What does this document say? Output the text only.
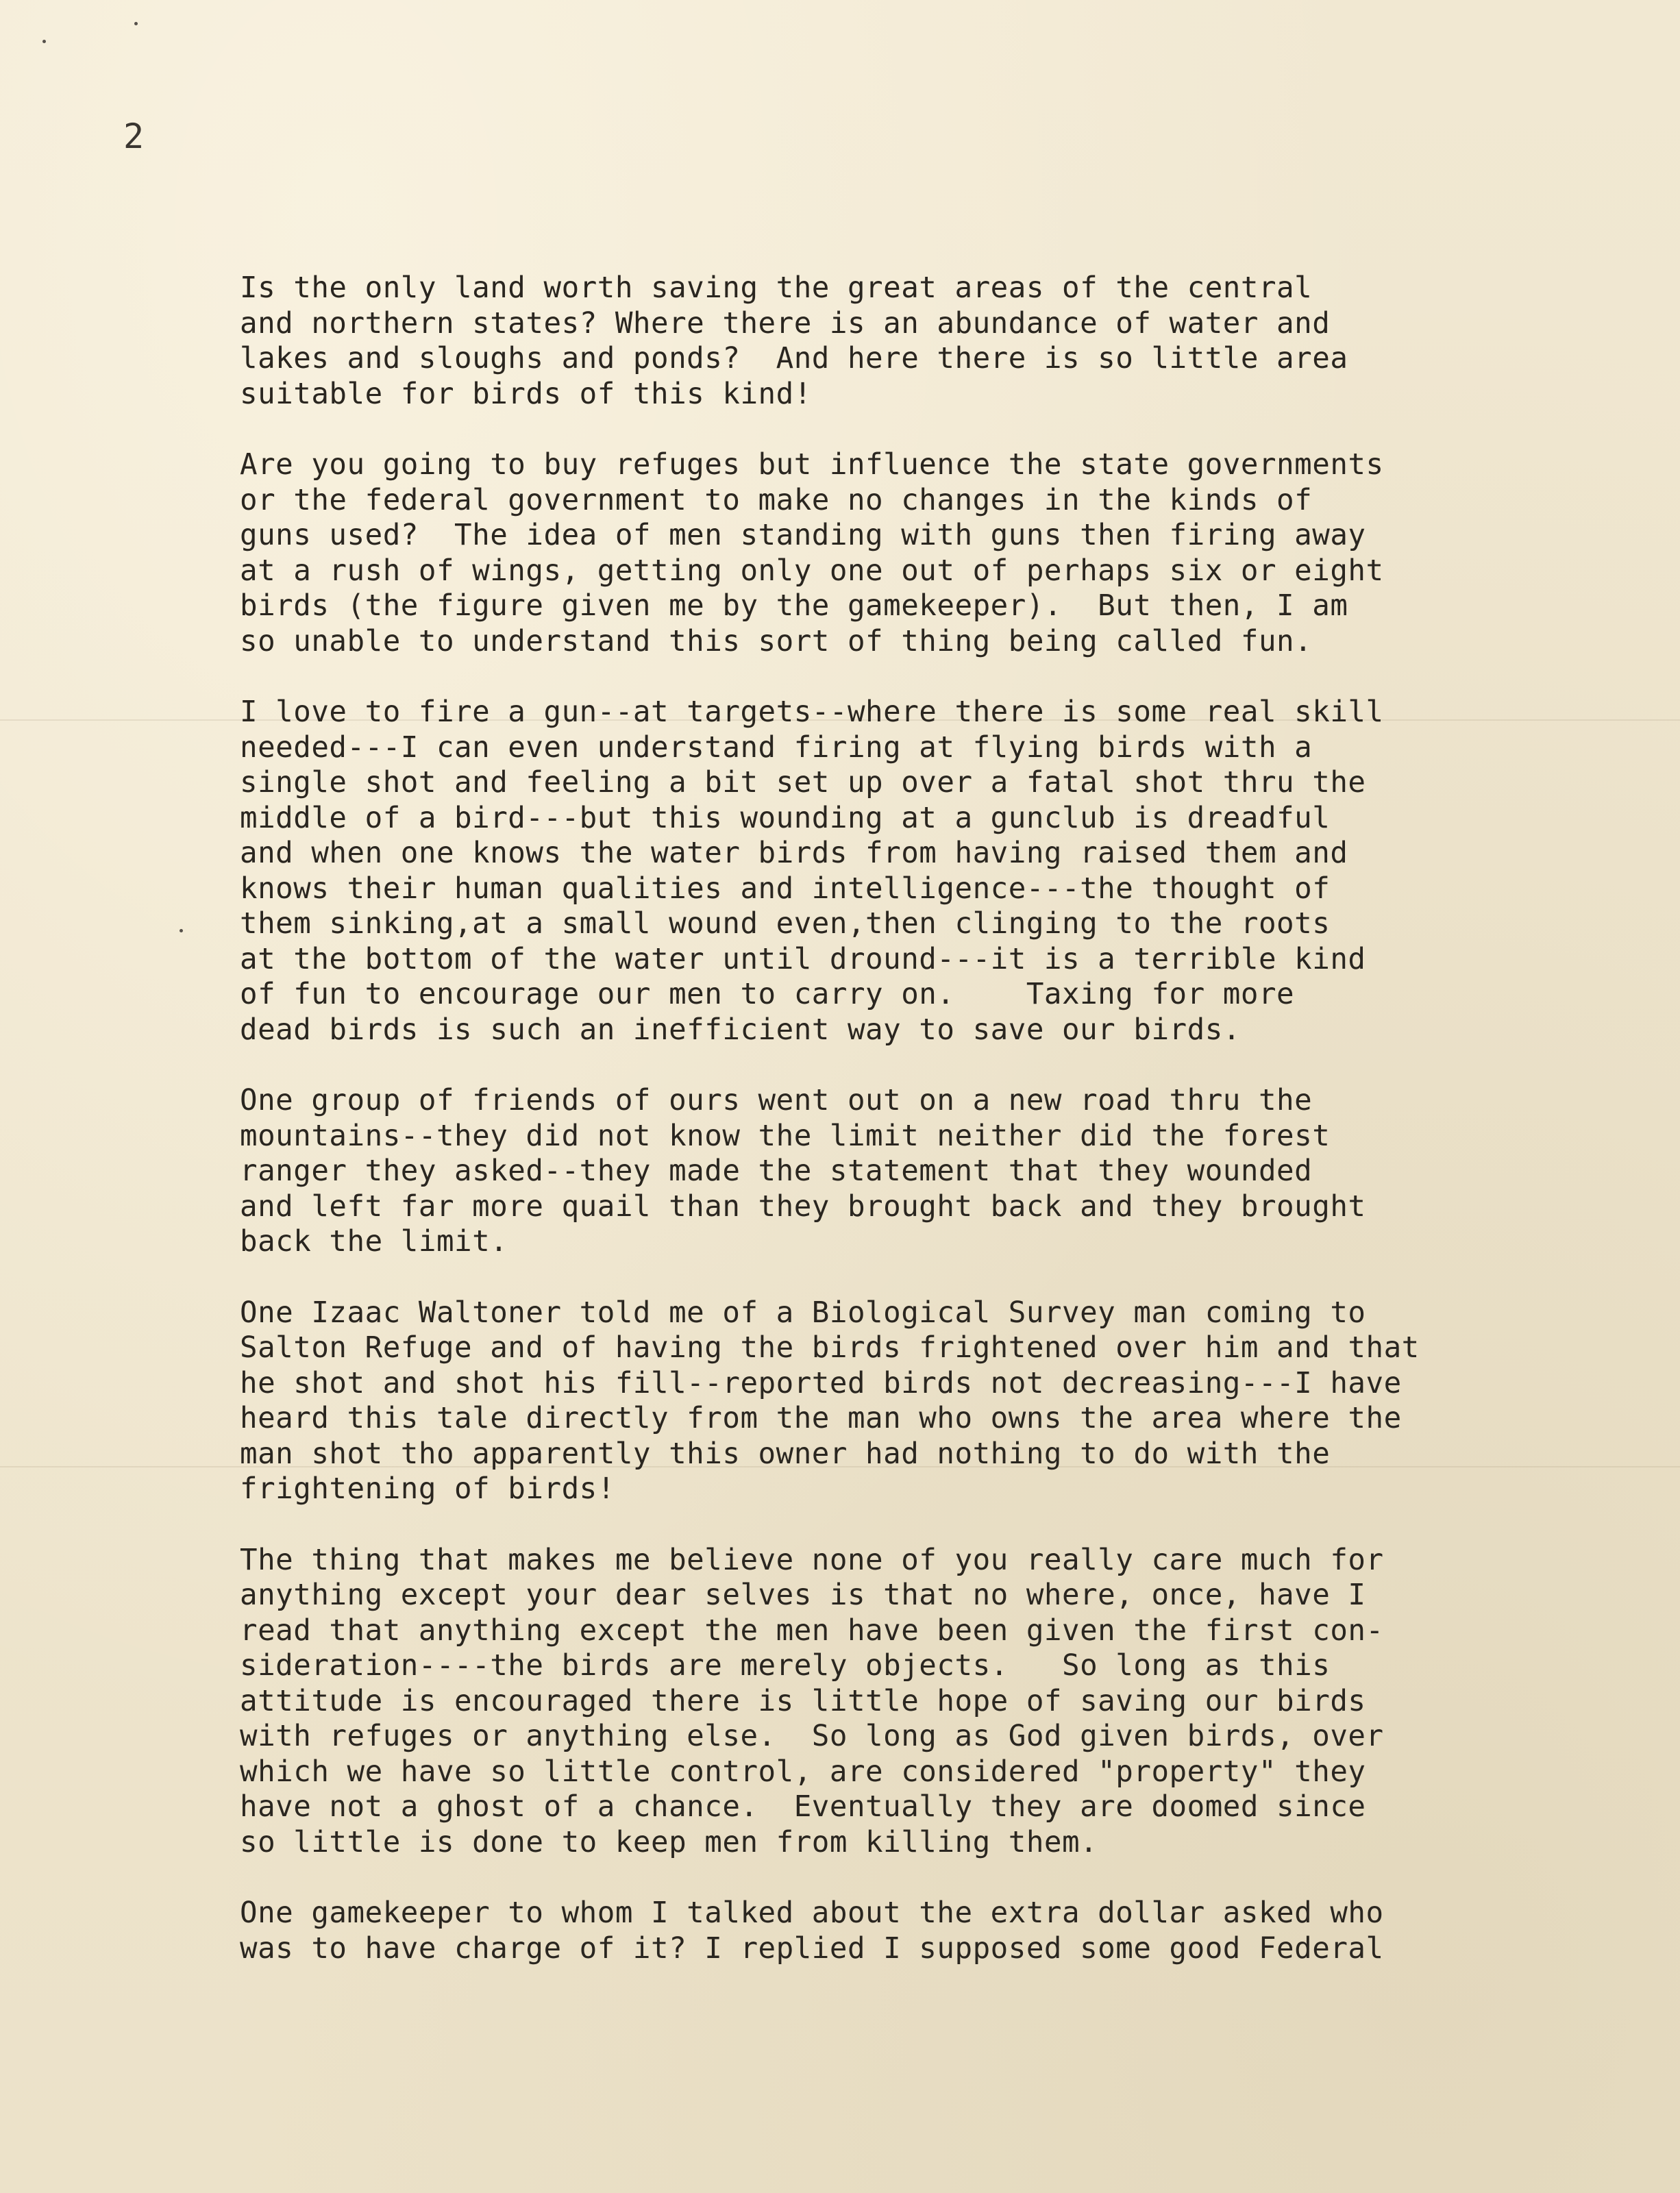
2
Is the only land worth saving the great areas of the central
and northern states? Where there is an abundance of water and
lakes and sloughs and ponds?  And here there is so little area
suitable for birds of this kind!
Are you going to buy refuges but influence the state governments
or the federal government to make no changes in the kinds of
guns used?  The idea of men standing with guns then firing away
at a rush of wings, getting only one out of perhaps six or eight
birds (the figure given me by the gamekeeper).  But then, I am
so unable to understand this sort of thing being called fun.
I love to fire a gun--at targets--where there is some real skill
needed---I can even understand firing at flying birds with a
single shot and feeling a bit set up over a fatal shot thru the
middle of a bird---but this wounding at a gunclub is dreadful
and when one knows the water birds from having raised them and
knows their human qualities and intelligence---the thought of
them sinking,at a small wound even,then clinging to the roots
at the bottom of the water until dround---it is a terrible kind
of fun to encourage our men to carry on.    Taxing for more
dead birds is such an inefficient way to save our birds.
One group of friends of ours went out on a new road thru the
mountains--they did not know the limit neither did the forest
ranger they asked--they made the statement that they wounded
and left far more quail than they brought back and they brought
back the limit.
One Izaac Waltoner told me of a Biological Survey man coming to
Salton Refuge and of having the birds frightened over him and that
he shot and shot his fill--reported birds not decreasing---I have
heard this tale directly from the man who owns the area where the
man shot tho apparently this owner had nothing to do with the
frightening of birds!
The thing that makes me believe none of you really care much for
anything except your dear selves is that no where, once, have I
read that anything except the men have been given the first con-
sideration----the birds are merely objects.   So long as this
attitude is encouraged there is little hope of saving our birds
with refuges or anything else.  So long as God given birds, over
which we have so little control, are considered "property" they
have not a ghost of a chance.  Eventually they are doomed since
so little is done to keep men from killing them.
One gamekeeper to whom I talked about the extra dollar asked who
was to have charge of it? I replied I supposed some good Federal
